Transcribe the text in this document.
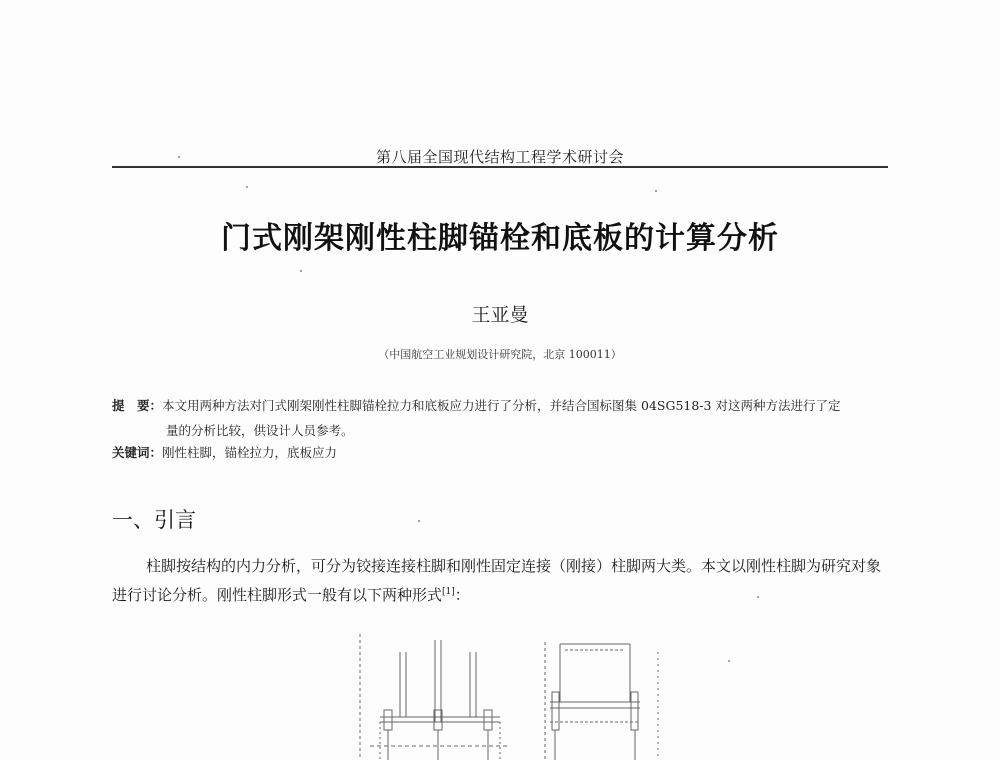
第八届全国现代结构工程学术研讨会
门式刚架刚性柱脚锚栓和底板的计算分析
王亚曼
（中国航空工业规划设计研究院，北京 100011）
提　要：本文用两种方法对门式刚架刚性柱脚锚栓拉力和底板应力进行了分析，并结合国标图集 04SG518-3 对这两种方法进行了定
量的分析比较，供设计人员参考。
关键词：刚性柱脚，锚栓拉力，底板应力
一、引言
柱脚按结构的内力分析，可分为铰接连接柱脚和刚性固定连接（刚接）柱脚两大类。本文以刚性柱脚为研究对象进行讨论分析。刚性柱脚形式一般有以下两种形式[1]：
